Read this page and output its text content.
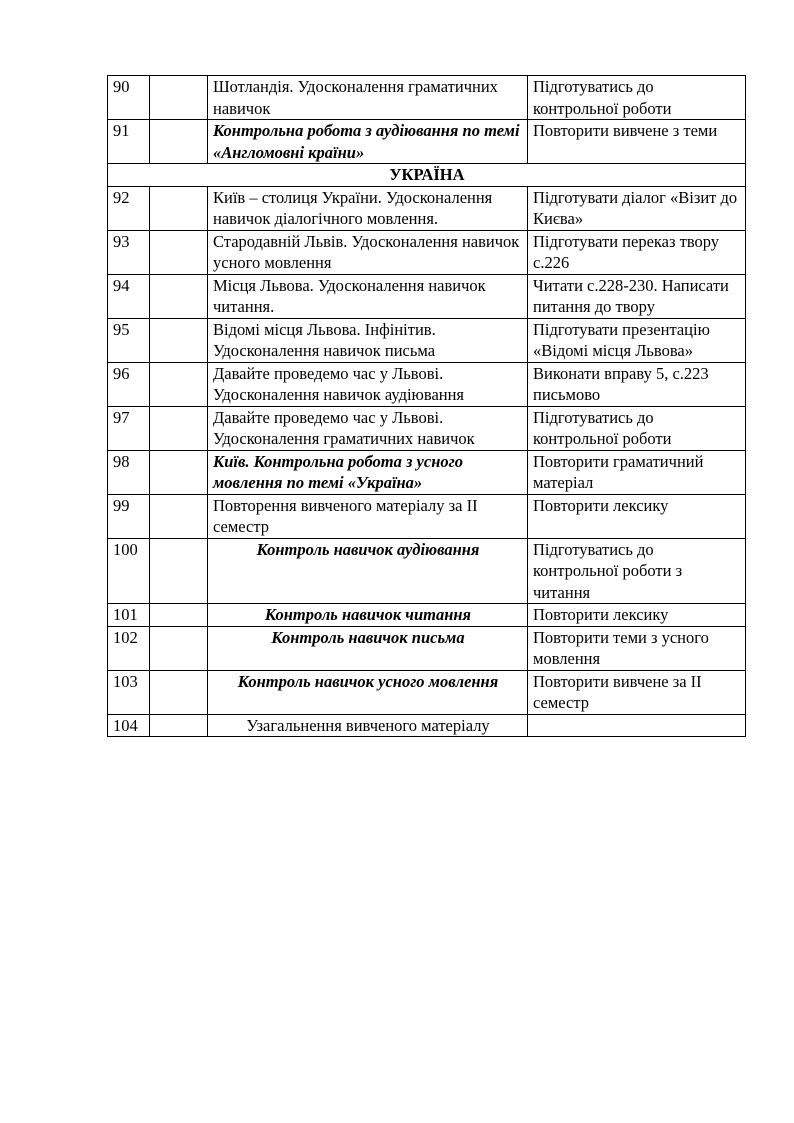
90		Шотландія. Удосконалення граматичних навичок	Підготуватись до контрольної роботи
91		Контрольна робота з аудіювання по темі «Англомовні країни»	Повторити вивчене з теми
УКРАЇНА			
92		Київ – столиця України. Удосконалення навичок діалогічного мовлення.	Підготувати діалог «Візит до Києва»
93		Стародавній Львів. Удосконалення навичок усного мовлення	Підготувати переказ твору с.226
94		Місця Львова. Удосконалення навичок читання.	Читати с.228-230. Написати питання до твору
95		Відомі місця Львова. Інфінітив. Удосконалення навичок письма	Підготувати презентацію «Відомі місця Львова»
96		Давайте проведемо час у Львові. Удосконалення навичок аудіювання	Виконати вправу 5, с.223 письмово
97		Давайте проведемо час у Львові. Удосконалення граматичних навичок	Підготуватись до контрольної роботи
98		Київ. Контрольна робота з усного мовлення по темі «Україна»	Повторити граматичний матеріал
99		Повторення вивченого матеріалу за ІІ семестр	Повторити лексику
100		Контроль навичок аудіювання	Підготуватись до контрольної роботи з читання
101		Контроль навичок читання	Повторити лексику
102		Контроль навичок письма	Повторити теми з усного мовлення
103		Контроль навичок усного мовлення	Повторити вивчене за ІІ семестр
104		Узагальнення вивченого матеріалу	
